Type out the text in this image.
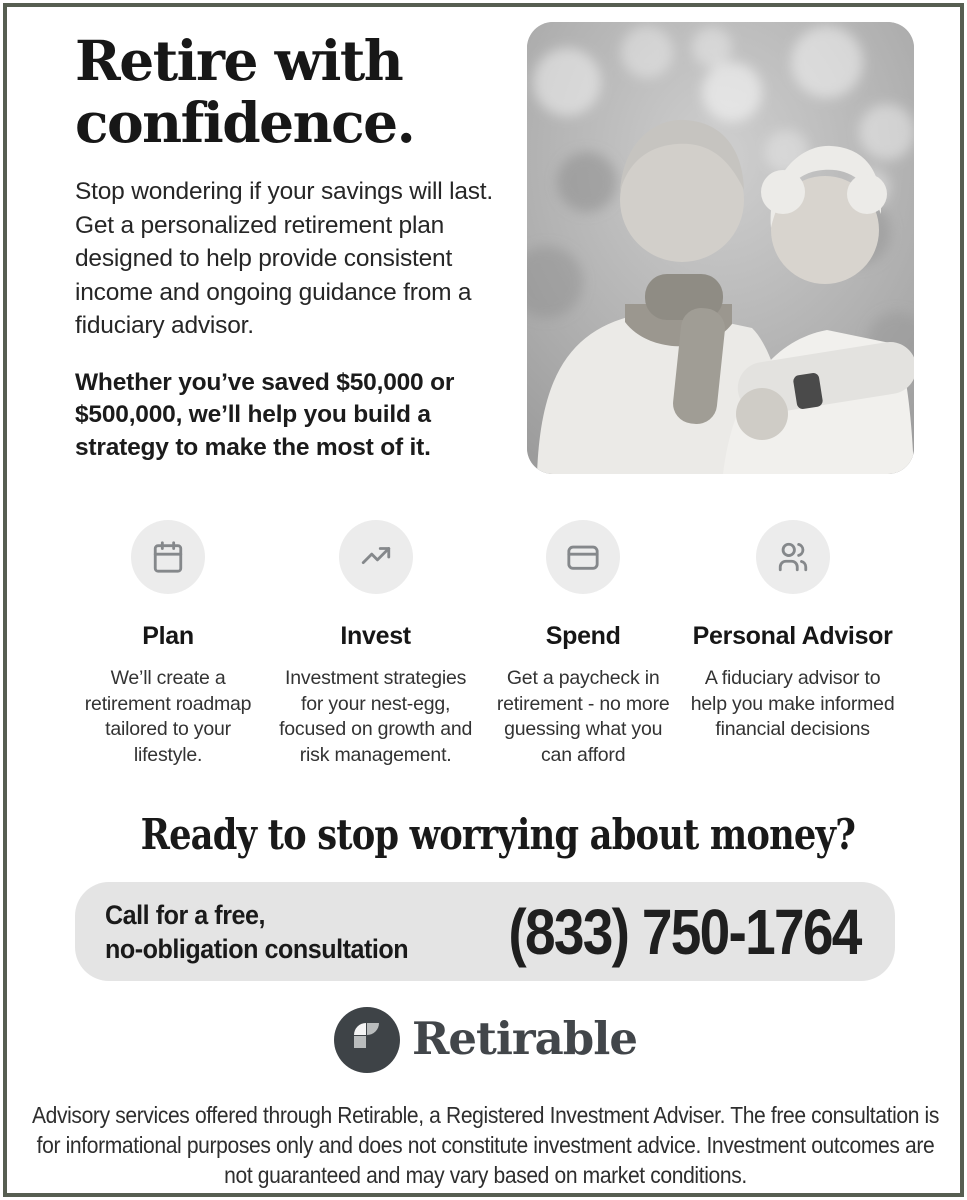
Retire with confidence.

Stop wondering if your savings will last. Get a personalized retirement plan designed to help provide consistent income and ongoing guidance from a fiduciary advisor.

Whether you’ve saved $50,000 or $500,000, we’ll help you build a strategy to make the most of it.

Plan
We’ll create a retirement roadmap tailored to your lifestyle.
Invest
Investment strategies for your nest-egg, focused on growth and risk management.
Spend
Get a paycheck in retirement - no more guessing what you can afford
Personal Advisor
A fiduciary advisor to help you make informed financial decisions
Ready to stop worrying about money?
Call for a free,
no-obligation consultation (833) 750-1764
Retirable

Advisory services offered through Retirable, a Registered Investment Adviser. The free consultation is for informational purposes only and does not constitute investment advice. Investment outcomes are not guaranteed and may vary based on market conditions.
